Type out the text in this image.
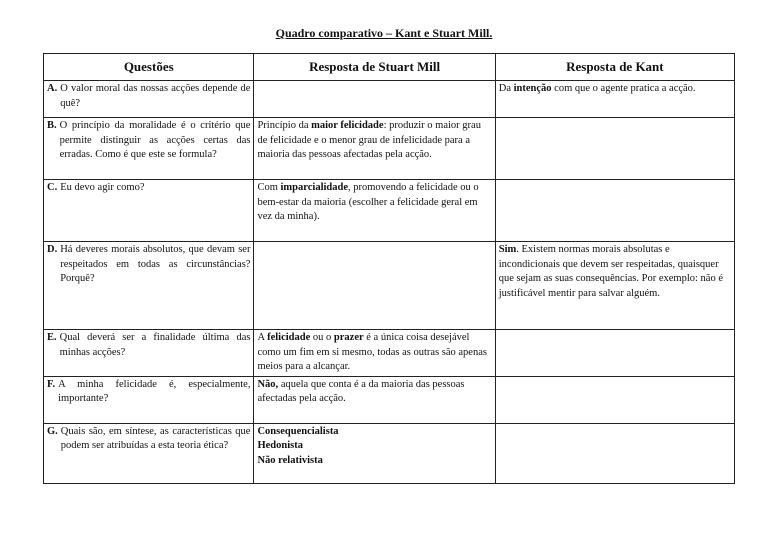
Quadro comparativo – Kant e Stuart Mill.
Questões	Resposta de Stuart Mill	Resposta de Kant

A. O valor moral das nossas acções depende de quê?		Da intenção com que o agente pratica a acção.

B. O princípio da moralidade é o critério que permite distinguir as acções certas das erradas. Como é que este se formula?	Princípio da maior felicidade: produzir o maior grau de felicidade e o menor grau de infelicidade para a maioria das pessoas afectadas pela acção.	

C. Eu devo agir como?	Com imparcialidade, promovendo a felicidade ou o bem-estar da maioria (escolher a felicidade geral em vez da minha).	

D. Há deveres morais absolutos, que devam ser respeitados em todas as circunstâncias? Porquê?		Sim. Existem normas morais absolutas e incondicionais que devem ser respeitadas, quaisquer que sejam as suas consequências. Por exemplo: não é justificável mentir para salvar alguém.

E. Qual deverá ser a finalidade última das minhas acções?	A felicidade ou o prazer é a única coisa desejável como um fim em si mesmo, todas as outras são apenas meios para a alcançar.	

F. A minha felicidade é, especialmente, importante?	Não, aquela que conta é a da maioria das pessoas afectadas pela acção.	

G. Quais são, em síntese, as características que podem ser atribuídas a esta teoria ética?	Consequencialista
Hedonista
Não relativista	
